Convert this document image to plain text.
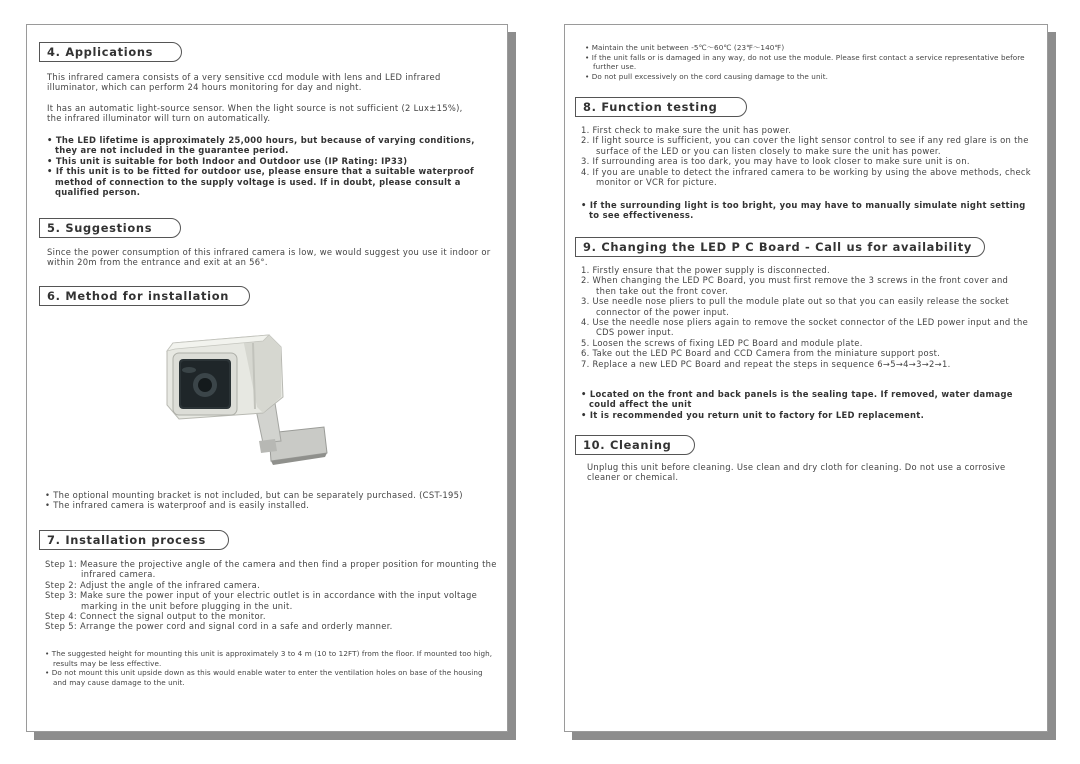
4. Applications

This infrared camera consists of a very sensitive ccd module with lens and LED infrared illuminator, which can perform 24 hours monitoring for day and night.

It has an automatic light-source sensor. When the light source is not sufficient (2 Lux±15%), the infrared illuminator will turn on automatically.

• The LED lifetime is approximately 25,000 hours, but because of varying conditions, they are not included in the guarantee period.
• This unit is suitable for both Indoor and Outdoor use (IP Rating: IP33)
• If this unit is to be fitted for outdoor use, please ensure that a suitable waterproof method of connection to the supply voltage is used. If in doubt, please consult a qualified person.
5. Suggestions

Since the power consumption of this infrared camera is low, we would suggest you use it indoor or within 20m from the entrance and exit at an 56°.

6. Method for installation
• The optional mounting bracket is not included, but can be separately purchased. (CST-195)
• The infrared camera is waterproof and is easily installed.
7. Installation process
Step 1: Measure the projective angle of the camera and then find a proper position for mounting the infrared camera.
Step 2: Adjust the angle of the infrared camera.
Step 3: Make sure the power input of your electric outlet is in accordance with the input voltage marking in the unit before plugging in the unit.
Step 4: Connect the signal output to the monitor.
Step 5: Arrange the power cord and signal cord in a safe and orderly manner.
• The suggested height for mounting this unit is approximately 3 to 4 m (10 to 12FT) from the floor. If mounted too high, results may be less effective.
• Do not mount this unit upside down as this would enable water to enter the ventilation holes on base of the housing and may cause damage to the unit.
• Maintain the unit between -5℃～60℃ (23℉～140℉)
• If the unit falls or is damaged in any way, do not use the module. Please first contact a service representative before further use.
• Do not pull excessively on the cord causing damage to the unit.
8. Function testing
1. First check to make sure the unit has power.
2. If light source is sufficient, you can cover the light sensor control to see if any red glare is on the surface of the LED or you can listen closely to make sure the unit has power.
3. If surrounding area is too dark, you may have to look closer to make sure unit is on.
4. If you are unable to detect the infrared camera to be working by using the above methods, check monitor or VCR for picture.

• If the surrounding light is too bright, you may have to manually simulate night setting to see effectiveness.

9. Changing the LED P C Board - Call us for availability
1. Firstly ensure that the power supply is disconnected.
2. When changing the LED PC Board, you must first remove the 3 screws in the front cover and then take out the front cover.
3. Use needle nose pliers to pull the module plate out so that you can easily release the socket connector of the power input.
4. Use the needle nose pliers again to remove the socket connector of the LED power input and the CDS power input.
5. Loosen the screws of fixing LED PC Board and module plate.
6. Take out the LED PC Board and CCD Camera from the miniature support post.
7. Replace a new LED PC Board and repeat the steps in sequence 6→5→4→3→2→1.
• Located on the front and back panels is the sealing tape. If removed, water damage could affect the unit
• It is recommended you return unit to factory for LED replacement.
10. Cleaning

Unplug this unit before cleaning. Use clean and dry cloth for cleaning. Do not use a corrosive cleaner or chemical.
